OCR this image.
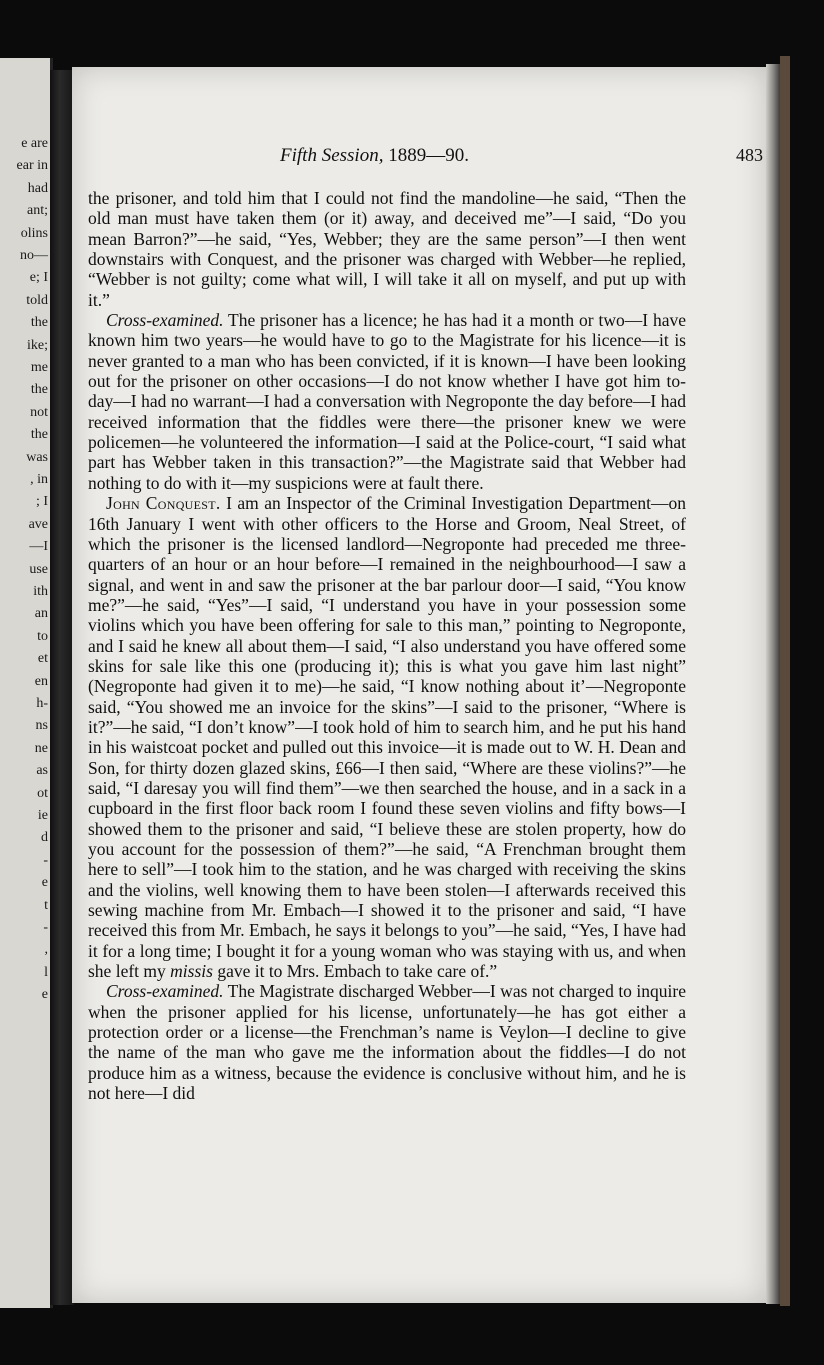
e are
ear in
had
ant;
olins
no—
e; I
told
the
ike;
me
the
not
the
was
, in
; I
ave
—I
use
ith
an
to
et
en
h-
ns
ne
as
ot
ie
d
-
e
t
-
,
l
e
Fifth Session, 1889—90.	483

the prisoner, and told him that I could not find the mandoline—he said, “Then the old man must have taken them (or it) away, and deceived me”—I said, “Do you mean Barron?”—he said, “Yes, Webber; they are the same person”—I then went downstairs with Conquest, and the prisoner was charged with Webber—he replied, “Webber is not guilty; come what will, I will take it all on myself, and put up with it.”

Cross-examined. The prisoner has a licence; he has had it a month or two—I have known him two years—he would have to go to the Magistrate for his licence—it is never granted to a man who has been convicted, if it is known—I have been looking out for the prisoner on other occasions—I do not know whether I have got him to-day—I had no warrant—I had a conversation with Negroponte the day before—I had received information that the fiddles were there—the prisoner knew we were policemen—he volunteered the information—I said at the Police-court, “I said what part has Webber taken in this transaction?”—the Magistrate said that Webber had nothing to do with it—my suspicions were at fault there.

John Conquest. I am an Inspector of the Criminal Investigation Department—on 16th January I went with other officers to the Horse and Groom, Neal Street, of which the prisoner is the licensed landlord—Negroponte had preceded me three-quarters of an hour or an hour before—I remained in the neighbourhood—I saw a signal, and went in and saw the prisoner at the bar parlour door—I said, “You know me?”—he said, “Yes”—I said, “I understand you have in your possession some violins which you have been offering for sale to this man,” pointing to Negroponte, and I said he knew all about them—I said, “I also understand you have offered some skins for sale like this one (producing it); this is what you gave him last night” (Negroponte had given it to me)—he said, “I know nothing about it’—Negroponte said, “You showed me an invoice for the skins”—I said to the prisoner, “Where is it?”—he said, “I don’t know”—I took hold of him to search him, and he put his hand in his waistcoat pocket and pulled out this invoice—it is made out to W. H. Dean and Son, for thirty dozen glazed skins, £66—I then said, “Where are these violins?”—he said, “I daresay you will find them”—we then searched the house, and in a sack in a cupboard in the first floor back room I found these seven violins and fifty bows—I showed them to the prisoner and said, “I believe these are stolen property, how do you account for the possession of them?”—he said, “A Frenchman brought them here to sell”—I took him to the station, and he was charged with receiving the skins and the violins, well knowing them to have been stolen—I afterwards received this sewing machine from Mr. Embach—I showed it to the prisoner and said, “I have received this from Mr. Embach, he says it belongs to you”—he said, “Yes, I have had it for a long time; I bought it for a young woman who was staying with us, and when she left my missis gave it to Mrs. Embach to take care of.”

Cross-examined. The Magistrate discharged Webber—I was not charged to inquire when the prisoner applied for his license, unfortunately—he has got either a protection order or a license—the Frenchman’s name is Veylon—I decline to give the name of the man who gave me the information about the fiddles—I do not produce him as a witness, because the evidence is conclusive without him, and he is not here—I did
